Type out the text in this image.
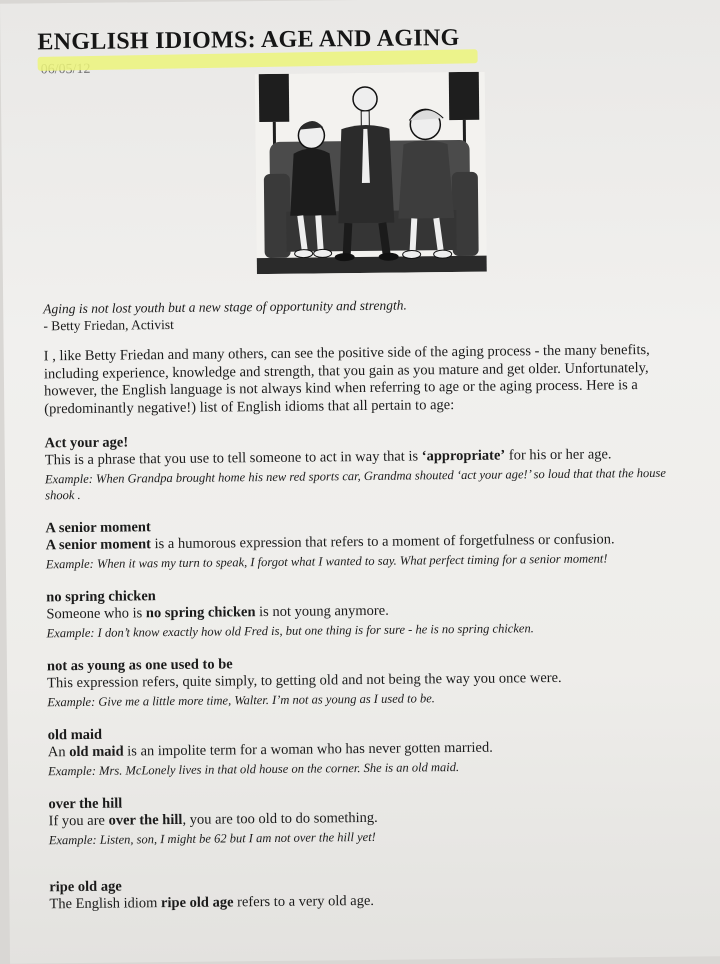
ENGLISH IDIOMS: AGE AND AGING
Aging is not lost youth but a new stage of opportunity and strength.
- Betty Friedan, Activist
I , like Betty Friedan and many others, can see the positive side of the aging process - the many benefits, including experience, knowledge and strength, that you gain as you mature and get older. Unfortunately, however, the English language is not always kind when referring to age or the aging process. Here is a (predominantly negative!) list of English idioms that all pertain to age:
Act your age!
This is a phrase that you use to tell someone to act in way that is ‘appropriate’ for his or her age.
Example: When Grandpa brought home his new red sports car, Grandma shouted ‘act your age!’ so loud that that the house shook .
A senior moment
A senior moment is a humorous expression that refers to a moment of forgetfulness or confusion.
Example: When it was my turn to speak, I forgot what I wanted to say. What perfect timing for a senior moment!
no spring chicken
Someone who is no spring chicken is not young anymore.
Example: I don’t know exactly how old Fred is, but one thing is for sure - he is no spring chicken.
not as young as one used to be
This expression refers, quite simply, to getting old and not being the way you once were.
Example: Give me a little more time, Walter. I’m not as young as I used to be.
old maid
An old maid is an impolite term for a woman who has never gotten married.
Example: Mrs. McLonely lives in that old house on the corner. She is an old maid.
over the hill
If you are over the hill, you are too old to do something.
Example: Listen, son, I might be 62 but I am not over the hill yet!
ripe old age
The English idiom ripe old age refers to a very old age.
